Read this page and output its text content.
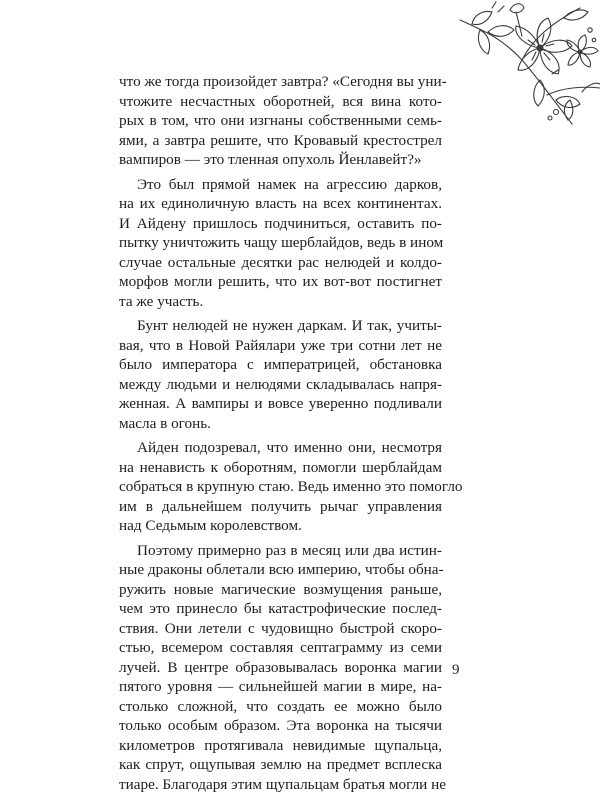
что же тогда произойдет завтра? «Сегодня вы уни-
чтожите несчастных оборотней, вся вина кото-
рых в том, что они изгнаны собственными семь-
ями, а завтра решите, что Кровавый крестострел
вампиров — это тленная опухоль Йенлавейт?»
Это был прямой намек на агрессию дарков,
на их единоличную власть на всех континентах.
И Айдену пришлось подчиниться, оставить по-
пытку уничтожить чащу шерблайдов, ведь в ином
случае остальные десятки рас нелюдей и колдо-
морфов могли решить, что их вот-вот постигнет
та же участь.
Бунт нелюдей не нужен даркам. И так, учиты-
вая, что в Новой Райялари уже три сотни лет не
было императора с императрицей, обстановка
между людьми и нелюдями складывалась напря-
женная. А вампиры и вовсе уверенно подливали
масла в огонь.
Айден подозревал, что именно они, несмотря
на ненависть к оборотням, помогли шерблайдам
собраться в крупную стаю. Ведь именно это помогло
им в дальнейшем получить рычаг управления
над Седьмым королевством.
Поэтому примерно раз в месяц или два истин-
ные драконы облетали всю империю, чтобы обна-
ружить новые магические возмущения раньше,
чем это принесло бы катастрофические послед-
ствия. Они летели с чудовищно быстрой скоро-
стью, всемером составляя септаграмму из семи
лучей. В центре образовывалась воронка магии
пятого уровня — сильнейшей магии в мире, на-
столько сложной, что создать ее можно было
только особым образом. Эта воронка на тысячи
километров протягивала невидимые щупальца,
как спрут, ощупывая землю на предмет всплеска
тиаре. Благодаря этим щупальцам братья могли не
9
